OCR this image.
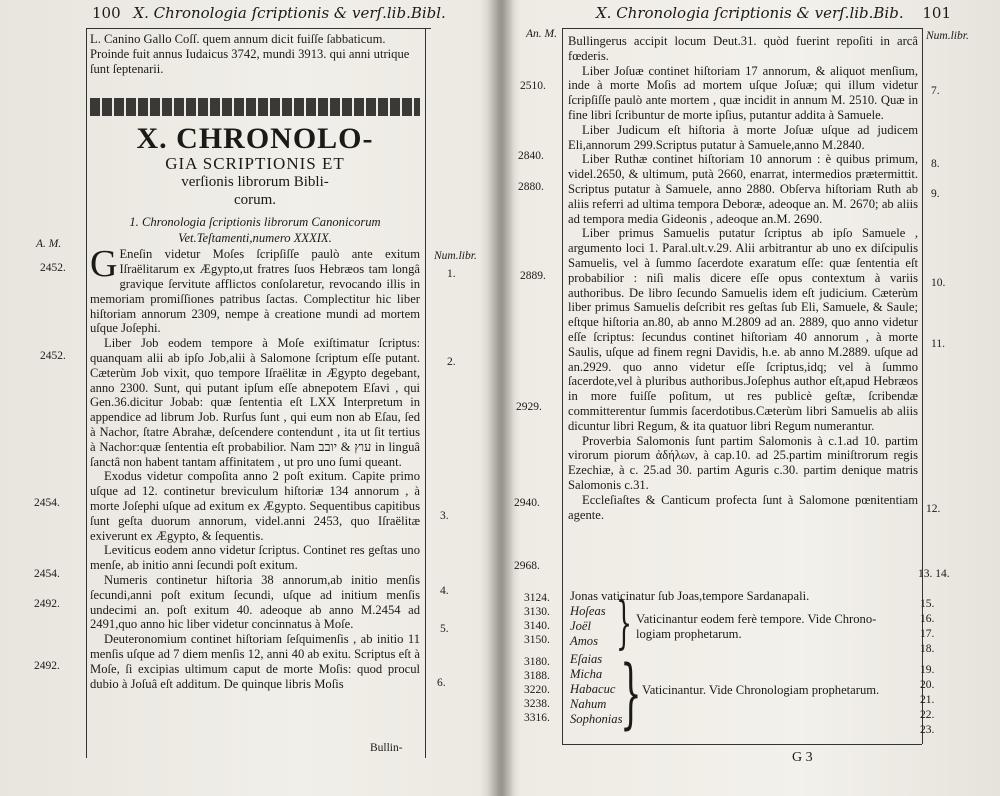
100 X. Chronologia ſcriptionis & verſ.lib.Bibl.
L. Canino Gallo Coſſ. quem annum dicit fuiſſe ſabbaticum.
Proinde fuit annus Iudaicus 3742, mundi 3913. qui anni utrique
ſunt ſeptenarii.
X. CHRONOLO-
GIA SCRIPTIONIS ET
verſionis librorum Bibli-
corum.
1. Chronologia ſcriptionis librorum Canonicorum
Vet.Teſtamenti,numero XXXIX.

G Eneſin videtur Moſes ſcripſiſſe paulò ante exitum Iſraëlitarum ex Ægypto,ut fratres ſuos Hebræos tam longâ gravique ſervitute afflictos conſolaretur, revocando illis in memoriam promiſſiones patribus ſactas. Complectitur hic liber hiſtoriam annorum 2309, nempe à creatione mundi ad mortem uſque Joſephi.

Liber Job eodem tempore à Moſe exiſtimatur ſcriptus: quanquam alii ab ipſo Job,alii à Salomone ſcriptum eſſe putant. Cæterùm Job vixit, quo tempore Iſraëlitæ in Ægypto degebant, anno 2300. Sunt, qui putant ipſum eſſe abnepotem Eſavi , qui Gen.36.dicitur Jobab: quæ ſententia eſt LXX Interpretum in appendice ad librum Job. Rurſus ſunt , qui eum non ab Eſau, ſed à Nachor, ſtatre Abrahæ, deſcendere contendunt , ita ut ſit tertius à Nachor:quæ ſententia eſt probabilior. Nam עוץ & יובב in linguâ ſanctâ non habent tantam affinitatem , ut pro uno ſumi queant.

Exodus videtur compoſita anno 2 poſt exitum. Capite primo uſque ad 12. continetur breviculum hiſtoriæ 134 annorum , à morte Joſephi uſque ad exitum ex Ægypto. Sequentibus capitibus ſunt geſta duorum annorum, videl.anni 2453, quo Iſraëlitæ exiverunt ex Ægypto, & ſequentis.

Leviticus eodem anno videtur ſcriptus. Continet res geſtas uno menſe, ab initio anni ſecundi poſt exitum.

Numeris continetur hiſtoria 38 annorum,ab initio menſis ſecundi,anni poſt exitum ſecundi, uſque ad initium menſis undecimi an. poſt exitum 40. adeoque ab anno M.2454 ad 2491,quo anno hic liber videtur concinnatus à Moſe.

Deuteronomium continet hiſtoriam ſeſquimenſis , ab initio 11 menſis uſque ad 7 diem menſis 12, anni 40 ab exitu. Scriptus eſt à Moſe, ſi excipias ultimum caput de morte Moſis: quod procul dubio à Joſuâ eſt additum. De quinque libris Moſis

A. M.
Num.libr.
2452.
2452.
2454.
2454.
2492.
2492.
1.
2.
3.
4.
5.
6.
Bullin-
An. M.
X. Chronologia ſcriptionis & verſ.lib.Bib. 101
Num.libr.

Bullingerus accipit locum Deut.31. quòd fuerint repoſiti in arcâ fœderis.

Liber Joſuæ continet hiſtoriam 17 annorum, & aliquot menſium, inde à morte Moſis ad mortem uſque Joſuæ; qui illum videtur ſcripſiſſe paulò ante mortem , quæ incidit in annum M. 2510. Quæ in fine libri ſcribuntur de morte ipſius, putantur addita à Samuele.

Liber Judicum eſt hiſtoria à morte Joſuæ uſque ad judicem Eli,annorum 299.Scriptus putatur à Samuele,anno M.2840.

Liber Ruthæ continet hiſtoriam 10 annorum : è quibus primum, videl.2650, & ultimum, putà 2660, enarrat, intermedios prætermittit. Scriptus putatur à Samuele, anno 2880. Obſerva hiſtoriam Ruth ab aliis referri ad ultima tempora Deboræ, adeoque an. M. 2670; ab aliis ad tempora media Gideonis , adeoque an.M. 2690.

Liber primus Samuelis putatur ſcriptus ab ipſo Samuele , argumento loci 1. Paral.ult.v.29. Alii arbitrantur ab uno ex diſcipulis Samuelis, vel à ſummo ſacerdote exaratum eſſe: quæ ſententia eſt probabilior : niſi malis dicere eſſe opus contextum à variis authoribus. De libro ſecundo Samuelis idem eſt judicium. Cæterùm liber primus Samuelis deſcribit res geſtas ſub Eli, Samuele, & Saule; eſtque hiſtoria an.80, ab anno M.2809 ad an. 2889, quo anno videtur eſſe ſcriptus: ſecundus continet hiſtoriam 40 annorum , à morte Saulis, uſque ad finem regni Davidis, h.e. ab anno M.2889. uſque ad an.2929. quo anno videtur eſſe ſcriptus,idq; vel à ſummo ſacerdote,vel à pluribus authoribus.Joſephus author eſt,apud Hebræos in more fuiſſe poſitum, ut res publicè geſtæ, ſcribendæ committerentur ſummis ſacerdotibus.Cæterùm libri Samuelis ab aliis dicuntur libri Regum, & ita quatuor libri Regum numerantur.

Proverbia Salomonis ſunt partim Salomonis à c.1.ad 10. partim virorum piorum ἀδήλων, à cap.10. ad 25.partim miniſtrorum regis Ezechiæ, à c. 25.ad 30. partim Aguris c.30. partim denique matris Salomonis c.31.

Eccleſiaſtes & Canticum profecta ſunt à Salomone pœnitentiam agente.

2510.
2840.
2880.
2889.
2929.
2940.
2968.
7.
8.
9.
10.
11.
12.
13. 14.
3124.
3130.
3140.
3150.
3180.
3188.
3220.
3238.
3316.
15.
16.
17.
18.
19.
20.
21.
22.
23.
Jonas vaticinatur ſub Joas,tempore Sardanapali.
Hoſeas
Joël
Amos } Vaticinantur eodem ferè tempore. Vide Chrono-
logiam prophetarum.
Eſaias
Micha
Habacuc
Nahum
Sophonias
} Vaticinantur. Vide Chronologiam prophetarum.
G 3
